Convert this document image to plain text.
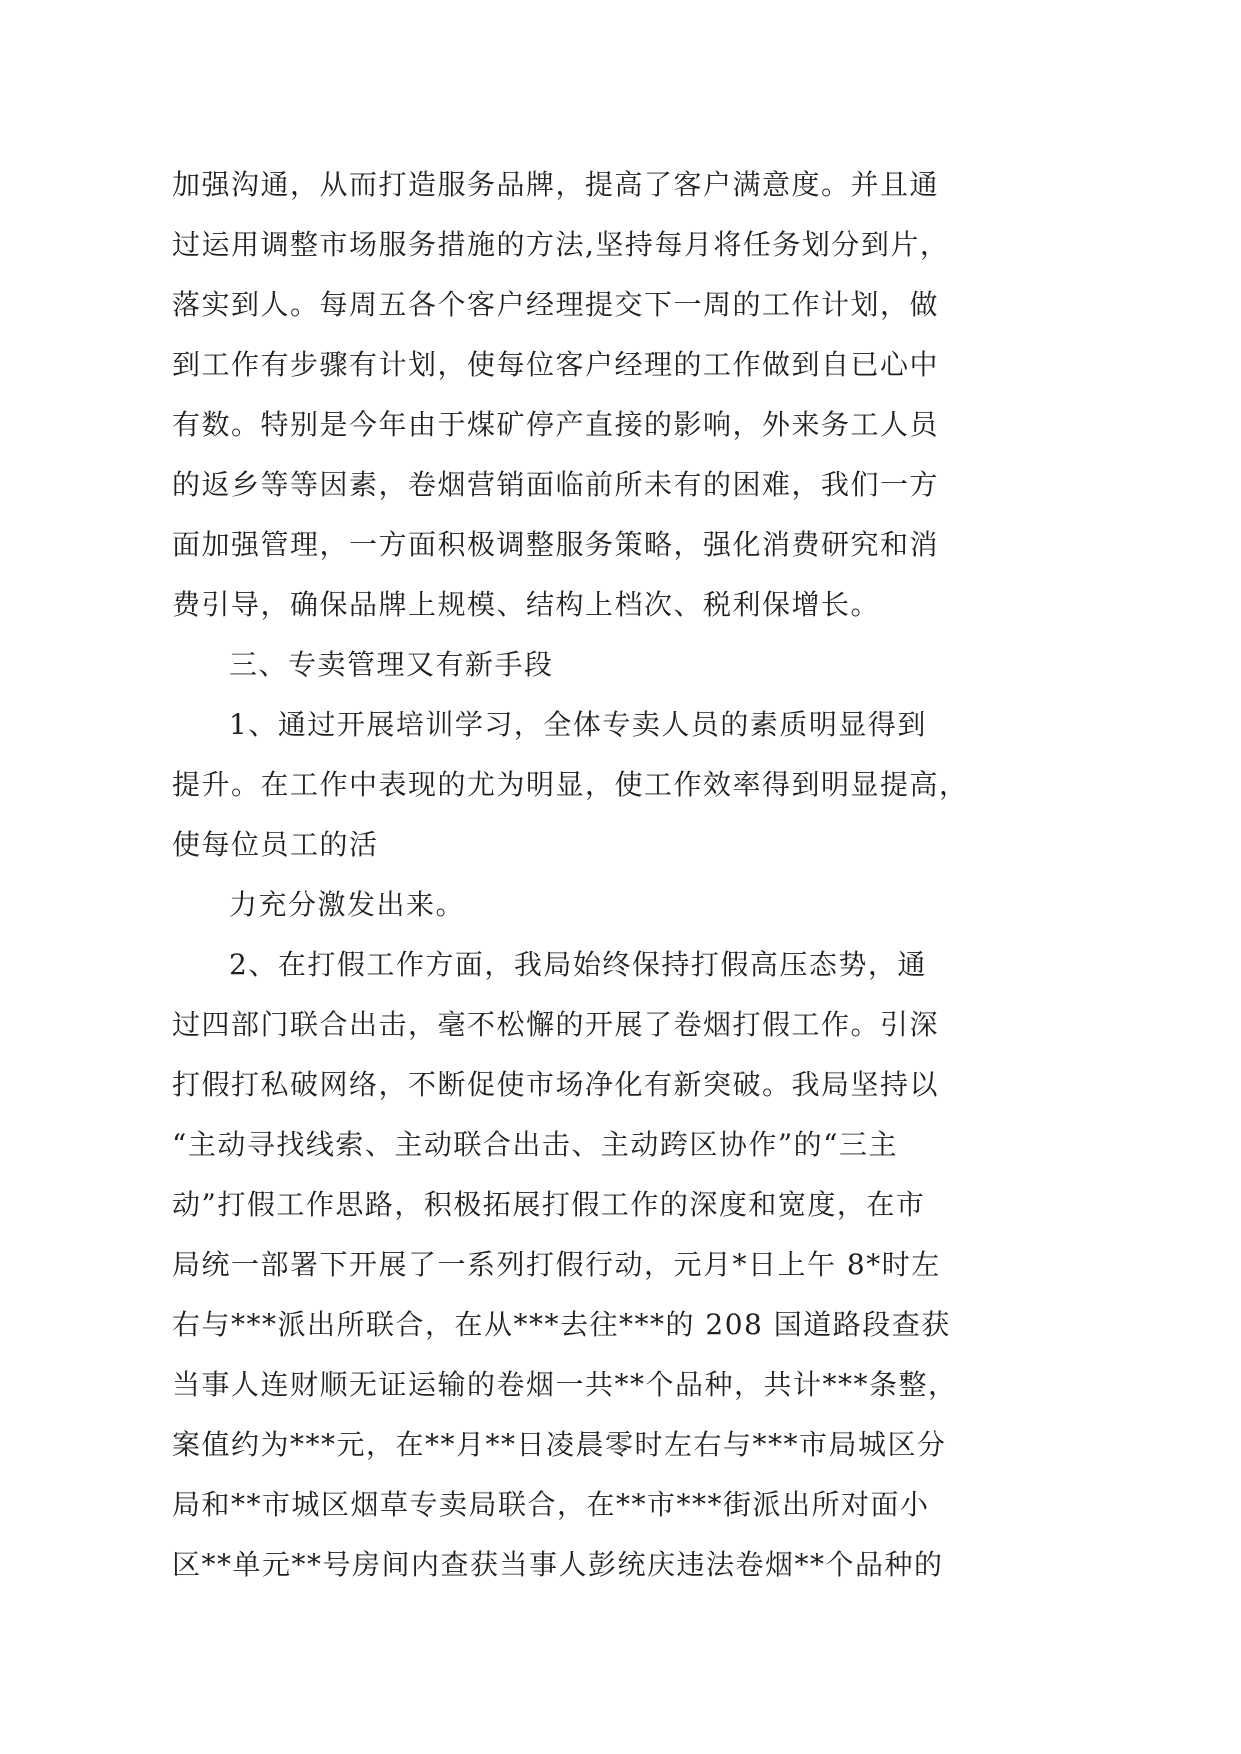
加强沟通，从而打造服务品牌，提高了客户满意度。并且通
过运用调整市场服务措施的方法,坚持每月将任务划分到片，
落实到人。每周五各个客户经理提交下一周的工作计划，做
到工作有步骤有计划，使每位客户经理的工作做到自已心中
有数。特别是今年由于煤矿停产直接的影响，外来务工人员
的返乡等等因素，卷烟营销面临前所未有的困难，我们一方
面加强管理，一方面积极调整服务策略，强化消费研究和消
费引导，确保品牌上规模、结构上档次、税利保增长。
三、专卖管理又有新手段
1、通过开展培训学习，全体专卖人员的素质明显得到
提升。在工作中表现的尤为明显，使工作效率得到明显提高，
使每位员工的活
力充分激发出来。
2、在打假工作方面，我局始终保持打假高压态势，通
过四部门联合出击，毫不松懈的开展了卷烟打假工作。引深
打假打私破网络，不断促使市场净化有新突破。我局坚持以
“主动寻找线索、主动联合出击、主动跨区协作”的“三主
动”打假工作思路，积极拓展打假工作的深度和宽度，在市
局统一部署下开展了一系列打假行动，元月*日上午 8*时左
右与***派出所联合，在从***去往***的 208 国道路段查获
当事人连财顺无证运输的卷烟一共**个品种，共计***条整，
案值约为***元，在**月**日凌晨零时左右与***市局城区分
局和**市城区烟草专卖局联合，在**市***街派出所对面小
区**单元**号房间内查获当事人彭统庆违法卷烟**个品种的
